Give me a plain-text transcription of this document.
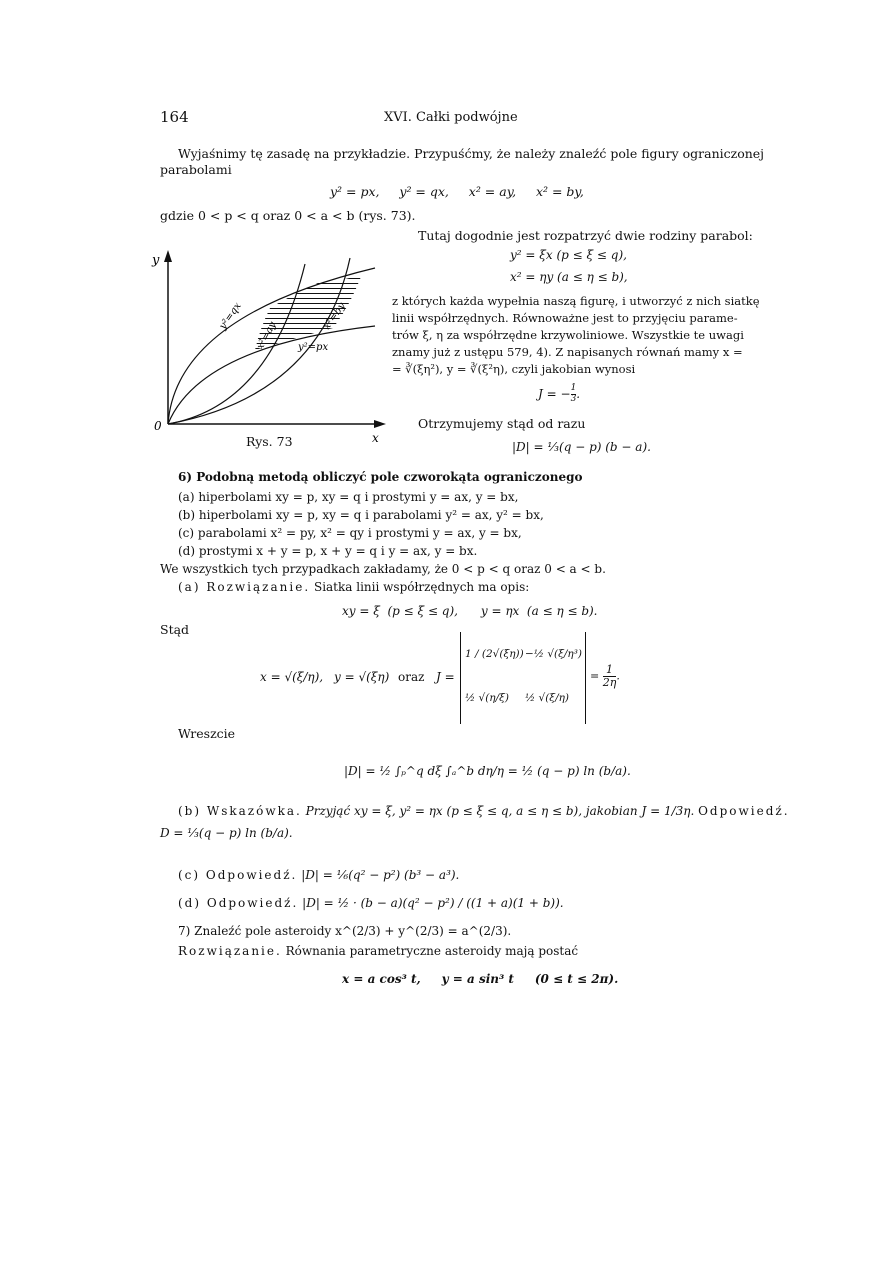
164	XVI. Całki podwójne
Wyjaśnimy tę zasadę na przykładzie. Przypuśćmy, że należy znaleźć pole figury ograniczonej
parabolami
y² = px,     y² = qx,     x² = ay,     x² = by,
gdzie 0 < p < q oraz 0 < a < b (rys. 73).
y
x
0
y²=qx
x²=ay
x²=by
y²=px
Rys. 73
Tutaj dogodnie jest rozpatrzyć dwie rodziny parabol:
y² = ξx (p ≤ ξ ≤ q),
x² = ηy (a ≤ η ≤ b),
z których każda wypełnia naszą figurę, i utworzyć z nich siatkę
linii współrzędnych. Równoważne jest to przyjęciu parame-
trów ξ, η za współrzędne krzywoliniowe. Wszystkie te uwagi
znamy już z ustępu 579, 4). Z napisanych równań mamy x =
= ∛(ξη²), y = ∛(ξ²η), czyli jakobian wynosi
J = − $\frac{1}{3}$ .
Otrzymujemy stąd od razu
|D| = ⅓(q − p) (b − a).
6) Podobną metodą obliczyć pole czworokąta ograniczonego
(a) hiperbolami xy = p, xy = q i prostymi y = ax, y = bx,
(b) hiperbolami xy = p, xy = q i parabolami y² = ax, y² = bx,
(c) parabolami x² = py, x² = qy i prostymi y = ax, y = bx,
(d) prostymi x + y = p, x + y = q i y = ax, y = bx.
We wszystkich tych przypadkach zakładamy, że 0 < p < q oraz 0 < a < b.
(a) Rozwiązanie. Siatka linii współrzędnych ma opis:
xy = ξ  (p ≤ ξ ≤ q),      y = ηx  (a ≤ η ≤ b).
Stąd
x = √(ξ/η), y = √(ξη) oraz J =
1 / (2√(ξη)) −½ √(ξ/η³)
½ √(η/ξ) ½ √(ξ/η)
= $\frac{1}{2\eta}$ .
Wreszcie
|D| = ½ ∫ₚ^q dξ ∫ₐ^b dη/η = ½ (q − p) ln (b/a).
(b) Wskazówka. Przyjąć xy = ξ, y² = ηx (p ≤ ξ ≤ q, a ≤ η ≤ b), jakobian J = 1/3η. Odpowiedź.
D = ⅓(q − p) ln (b/a).
(c) Odpowiedź. |D| = ⅙(q² − p²) (b³ − a³).
(d) Odpowiedź. |D| = ½ · (b − a)(q² − p²) / ((1 + a)(1 + b)).
7) Znaleźć pole asteroidy x^(2/3) + y^(2/3) = a^(2/3).
Rozwiązanie. Równania parametryczne asteroidy mają postać
x = a cos³ t,     y = a sin³ t     (0 ≤ t ≤ 2π).
